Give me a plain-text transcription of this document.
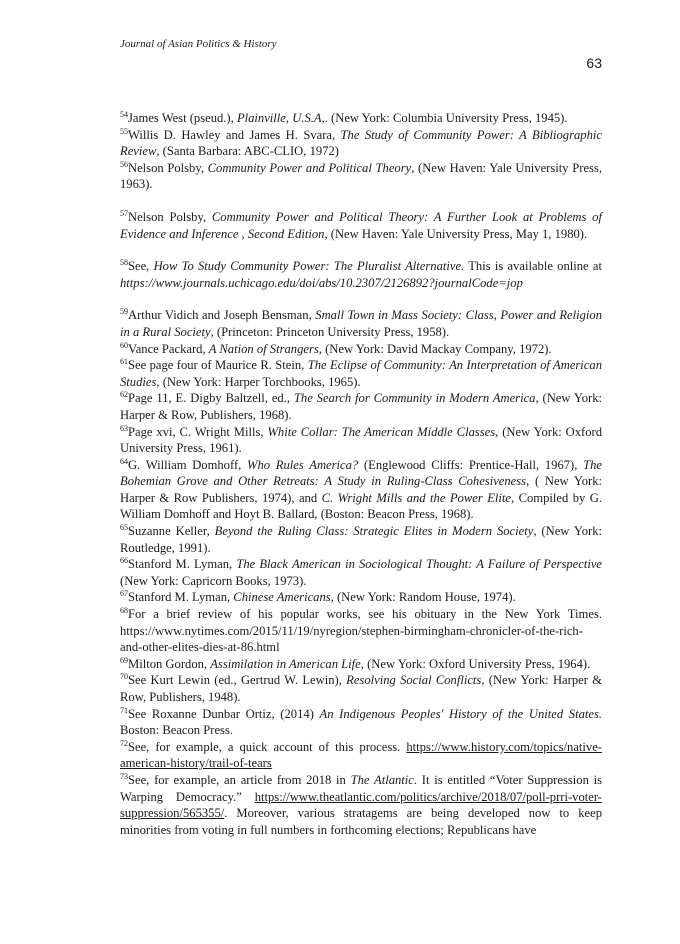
Journal of Asian Politics & History
63

$^{54}$James West (pseud.), Plainville, U.S.A,. (New York: Columbia University Press, 1945).

$^{55}$Willis D. Hawley and James H. Svara, The Study of Community Power: A Bibliographic Review, (Santa Barbara: ABC-CLIO, 1972)

$^{56}$Nelson Polsby, Community Power and Political Theory, (New Haven: Yale University Press, 1963).

$^{57}$Nelson Polsby, Community Power and Political Theory: A Further Look at Problems of Evidence and Inference , Second Edition, (New Haven: Yale University Press, May 1, 1980).

$^{58}$See, How To Study Community Power: The Pluralist Alternative. This is available online at https://www.journals.uchicago.edu/doi/abs/10.2307/2126892?journalCode=jop

$^{59}$Arthur Vidich and Joseph Bensman, Small Town in Mass Society: Class, Power and Religion in a Rural Society, (Princeton: Princeton University Press, 1958).

$^{60}$Vance Packard, A Nation of Strangers, (New York: David Mackay Company, 1972).

$^{61}$See page four of Maurice R. Stein, The Eclipse of Community: An Interpretation of American Studies, (New York: Harper Torchbooks, 1965).

$^{62}$Page 11, E. Digby Baltzell, ed., The Search for Community in Modern America, (New York: Harper & Row, Publishers, 1968).

$^{63}$Page xvi, C. Wright Mills, White Collar: The American Middle Classes, (New York: Oxford University Press, 1961).

$^{64}$G. William Domhoff, Who Rules America? (Englewood Cliffs: Prentice-Hall, 1967), The Bohemian Grove and Other Retreats: A Study in Ruling-Class Cohesiveness, ( New York: Harper & Row Publishers, 1974), and C. Wright Mills and the Power Elite, Compiled by G. William Domhoff and Hoyt B. Ballard, (Boston: Beacon Press, 1968).

$^{65}$Suzanne Keller, Beyond the Ruling Class: Strategic Elites in Modern Society, (New York: Routledge, 1991).

$^{66}$Stanford M. Lyman, The Black American in Sociological Thought: A Failure of Perspective (New York: Capricorn Books, 1973).

$^{67}$Stanford M. Lyman, Chinese Americans, (New York: Random House, 1974).

$^{68}$For a brief review of his popular works, see his obituary in the New York Times. https://www.nytimes.com/2015/11/19/nyregion/stephen-birmingham-chronicler-of-the-rich-and-other-elites-dies-at-86.html

$^{69}$Milton Gordon, Assimilation in American Life, (New York: Oxford University Press, 1964).

$^{70}$See Kurt Lewin (ed., Gertrud W. Lewin), Resolving Social Conflicts, (New York: Harper & Row, Publishers, 1948).

$^{71}$See Roxanne Dunbar Ortiz, (2014) An Indigenous Peoples' History of the United States. Boston: Beacon Press.

$^{72}$See, for example, a quick account of this process. https://www.history.com/topics/native-american-history/trail-of-tears

$^{73}$See, for example, an article from 2018 in The Atlantic. It is entitled “Voter Suppression is Warping Democracy.” https://www.theatlantic.com/politics/archive/2018/07/poll-prri-voter-suppression/565355/. Moreover, various stratagems are being developed now to keep minorities from voting in full numbers in forthcoming elections; Republicans have
